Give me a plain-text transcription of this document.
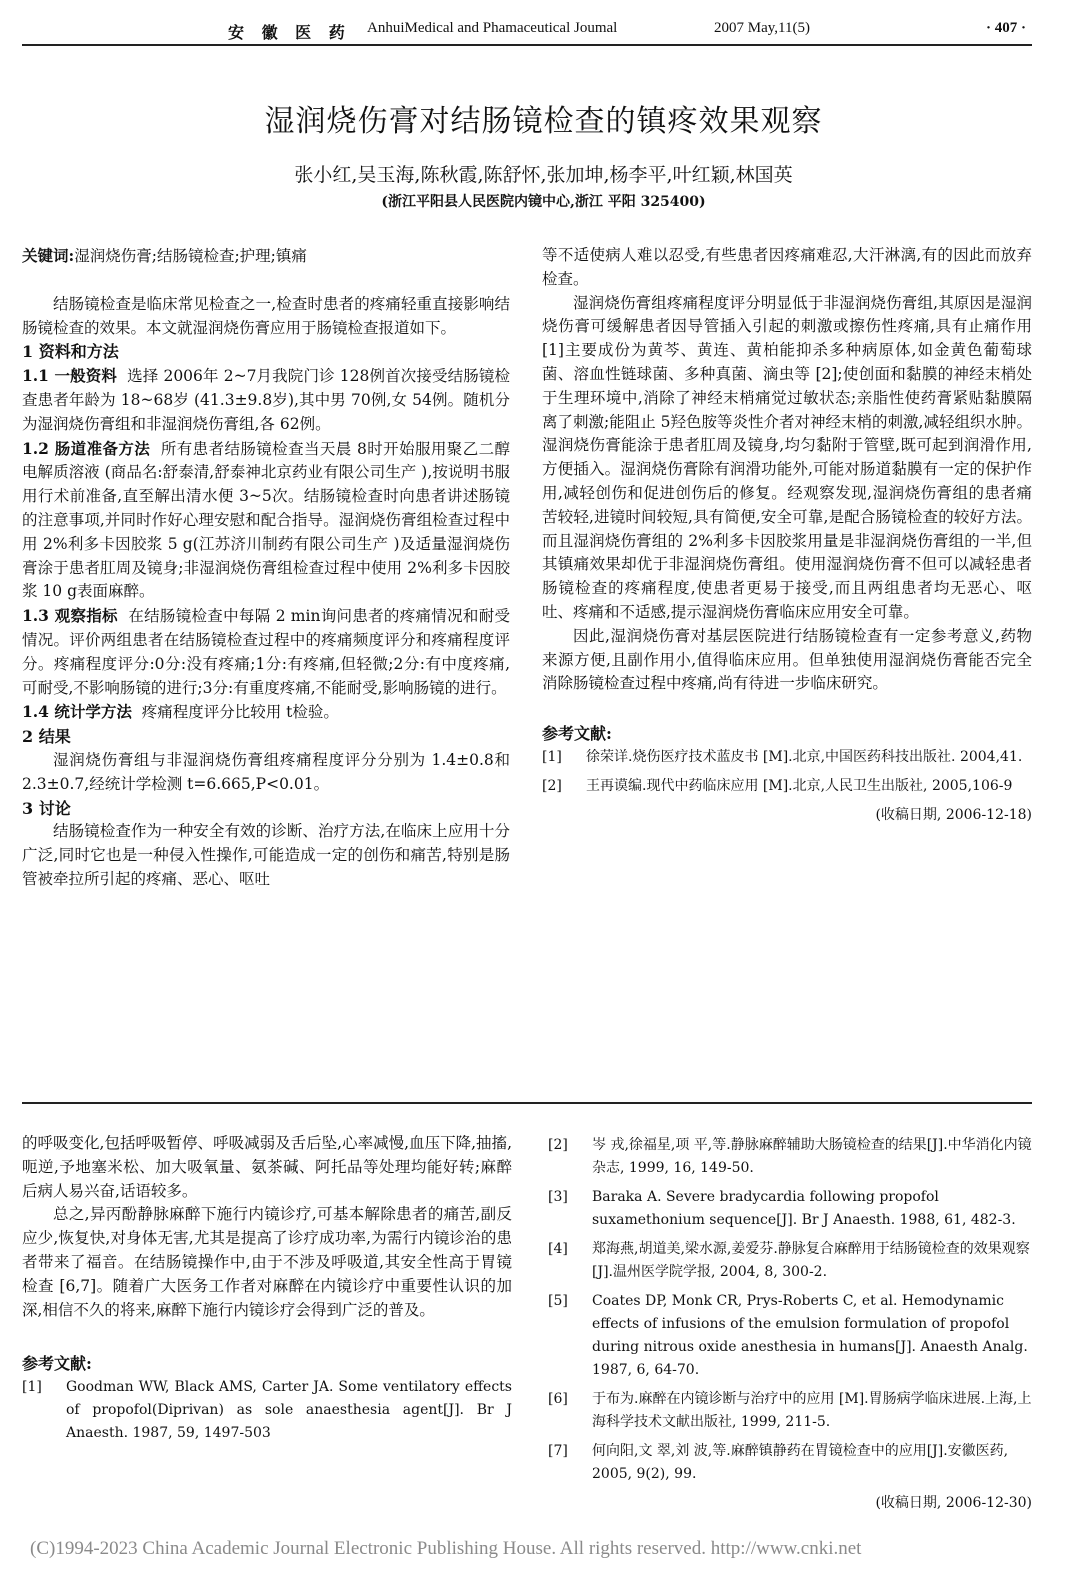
安 徽 医 药 AnhuiMedical and Phamaceutical Joumal	2007 May,11(5)	· 407 ·
湿润烧伤膏对结肠镜检查的镇疼效果观察
张小红,吴玉海,陈秋霞,陈舒怀,张加坤,杨李平,叶红颖,林国英
(浙江平阳县人民医院内镜中心,浙江 平阳 325400)

关键词:湿润烧伤膏;结肠镜检查;护理;镇痛

结肠镜检查是临床常见检查之一,检查时患者的疼痛轻重直接影响结肠镜检查的效果。本文就湿润烧伤膏应用于肠镜检查报道如下。

1 资料和方法

1.1 一般资料 选择 2006年 2~7月我院门诊 128例首次接受结肠镜检查患者年龄为 18~68岁 (41.3±9.8岁),其中男 70例,女 54例。随机分为湿润烧伤膏组和非湿润烧伤膏组,各 62例。

1.2 肠道准备方法 所有患者结肠镜检查当天晨 8时开始服用聚乙二醇电解质溶液 (商品名:舒泰清,舒泰神北京药业有限公司生产 ),按说明书服用行术前准备,直至解出清水便 3~5次。结肠镜检查时向患者讲述肠镜的注意事项,并同时作好心理安慰和配合指导。湿润烧伤膏组检查过程中用 2%利多卡因胶浆 5 g(江苏济川制药有限公司生产 )及适量湿润烧伤膏涂于患者肛周及镜身;非湿润烧伤膏组检查过程中使用 2%利多卡因胶浆 10 g表面麻醉。

1.3 观察指标 在结肠镜检查中每隔 2 min询问患者的疼痛情况和耐受情况。评价两组患者在结肠镜检查过程中的疼痛频度评分和疼痛程度评分。疼痛程度评分:0分:没有疼痛;1分:有疼痛,但轻微;2分:有中度疼痛,可耐受,不影响肠镜的进行;3分:有重度疼痛,不能耐受,影响肠镜的进行。

1.4 统计学方法 疼痛程度评分比较用 t检验。

2 结果

湿润烧伤膏组与非湿润烧伤膏组疼痛程度评分分别为 1.4±0.8和 2.3±0.7,经统计学检测 t=6.665,P<0.01。

3 讨论

结肠镜检查作为一种安全有效的诊断、治疗方法,在临床上应用十分广泛,同时它也是一种侵入性操作,可能造成一定的创伤和痛苦,特别是肠管被牵拉所引起的疼痛、恶心、呕吐

等不适使病人难以忍受,有些患者因疼痛难忍,大汗淋漓,有的因此而放弃检查。

湿润烧伤膏组疼痛程度评分明显低于非湿润烧伤膏组,其原因是湿润烧伤膏可缓解患者因导管插入引起的刺激或擦伤性疼痛,具有止痛作用 [1]主要成份为黄芩、黄连、黄柏能抑杀多种病原体,如金黄色葡萄球菌、溶血性链球菌、多种真菌、滴虫等 [2];使创面和黏膜的神经末梢处于生理环境中,消除了神经末梢痛觉过敏状态;亲脂性使药膏紧贴黏膜隔离了刺激;能阻止 5羟色胺等炎性介者对神经末梢的刺激,减轻组织水肿。湿润烧伤膏能涂于患者肛周及镜身,均匀黏附于管壁,既可起到润滑作用,方便插入。湿润烧伤膏除有润滑功能外,可能对肠道黏膜有一定的保护作用,减轻创伤和促进创伤后的修复。经观察发现,湿润烧伤膏组的患者痛苦较轻,进镜时间较短,具有简便,安全可靠,是配合肠镜检查的较好方法。而且湿润烧伤膏组的 2%利多卡因胶浆用量是非湿润烧伤膏组的一半,但其镇痛效果却优于非湿润烧伤膏组。使用湿润烧伤膏不但可以减轻患者肠镜检查的疼痛程度,使患者更易于接受,而且两组患者均无恶心、呕吐、疼痛和不适感,提示湿润烧伤膏临床应用安全可靠。

因此,湿润烧伤膏对基层医院进行结肠镜检查有一定参考意义,药物来源方便,且副作用小,值得临床应用。但单独使用湿润烧伤膏能否完全消除肠镜检查过程中疼痛,尚有待进一步临床研究。

参考文献:

[1]	徐荣详.烧伤医疗技术蓝皮书 [M].北京,中国医药科技出版社. 2004,41.
[2]	王再谟编.现代中药临床应用 [M].北京,人民卫生出版社, 2005,106-9

(收稿日期, 2006-12-18)

的呼吸变化,包括呼吸暂停、呼吸减弱及舌后坠,心率减慢,血压下降,抽搐,呃逆,予地塞米松、加大吸氧量、氨茶碱、阿托品等处理均能好转;麻醉后病人易兴奋,话语较多。

总之,异丙酚静脉麻醉下施行内镜诊疗,可基本解除患者的痛苦,副反应少,恢复快,对身体无害,尤其是提高了诊疗成功率,为需行内镜诊治的患者带来了福音。在结肠镜操作中,由于不涉及呼吸道,其安全性高于胃镜检查 [6,7]。随着广大医务工作者对麻醉在内镜诊疗中重要性认识的加深,相信不久的将来,麻醉下施行内镜诊疗会得到广泛的普及。

参考文献:

[1]	Goodman WW, Black AMS, Carter JA. Some ventilatory effects of propofol(Diprivan) as sole anaesthesia agent[J]. Br J Anaesth. 1987, 59, 1497-503
[2]	岑 戎,徐福星,项 平,等.静脉麻醉辅助大肠镜检查的结果[J].中华消化内镜杂志, 1999, 16, 149-50.
[3]	Baraka A. Severe bradycardia following propofol suxamethonium sequence[J]. Br J Anaesth. 1988, 61, 482-3.
[4]	郑海燕,胡道美,梁水源,姜爱芬.静脉复合麻醉用于结肠镜检查的效果观察 [J].温州医学院学报, 2004, 8, 300-2.
[5]	Coates DP, Monk CR, Prys-Roberts C, et al. Hemodynamic effects of infusions of the emulsion formulation of propofol during nitrous oxide anesthesia in humans[J]. Anaesth Analg. 1987, 6, 64-70.
[6]	于布为.麻醉在内镜诊断与治疗中的应用 [M].胃肠病学临床进展.上海,上海科学技术文献出版社, 1999, 211-5.
[7]	何向阳,文 翠,刘 波,等.麻醉镇静药在胃镜检查中的应用[J].安徽医药, 2005, 9(2), 99.

(收稿日期, 2006-12-30)

(C)1994-2023 China Academic Journal Electronic Publishing House. All rights reserved. http://www.cnki.net
